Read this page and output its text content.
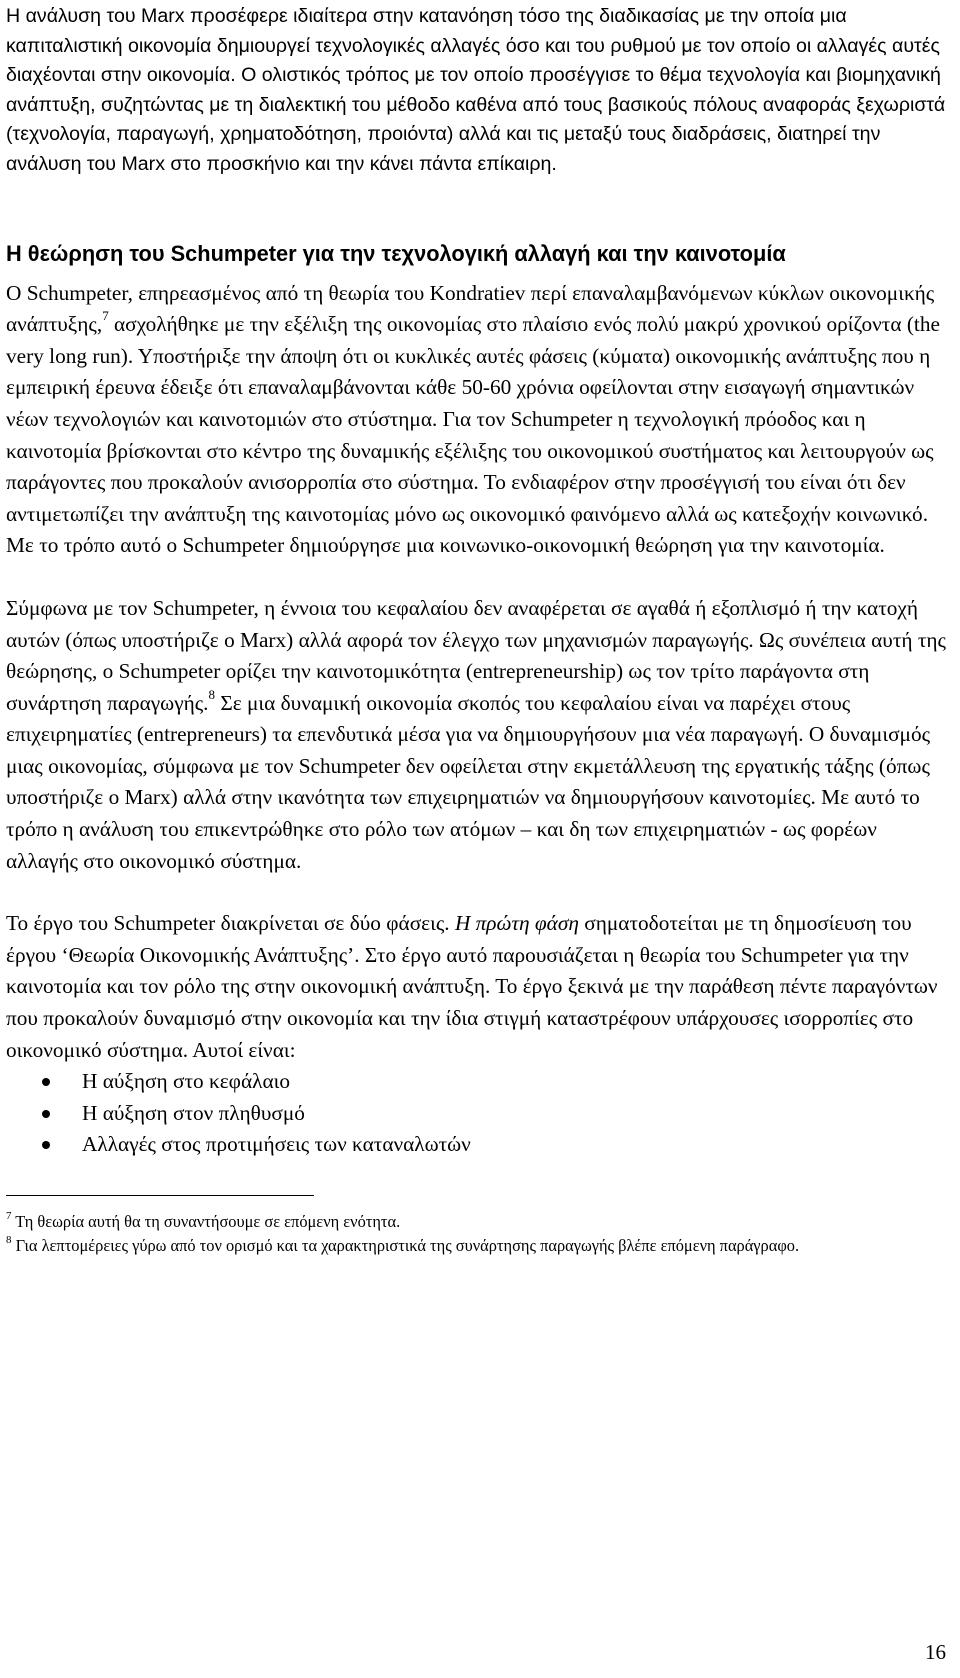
Η ανάλυση του Marx προσέφερε ιδιαίτερα στην κατανόηση τόσο της διαδικασίας με την οποία μια καπιταλιστική οικονομία δημιουργεί τεχνολογικές αλλαγές όσο και του ρυθμού με τον οποίο οι αλλαγές αυτές διαχέονται στην οικονομία. Ο ολιστικός τρόπος με τον οποίο προσέγγισε το θέμα τεχνολογία και βιομηχανική ανάπτυξη, συζητώντας με τη διαλεκτική του μέθοδο καθένα από τους βασικούς πόλους αναφοράς ξεχωριστά (τεχνολογία, παραγωγή, χρηματοδότηση, προιόντα) αλλά και τις μεταξύ τους διαδράσεις, διατηρεί την ανάλυση του Marx στο προσκήνιο και την κάνει πάντα επίκαιρη.

Η θεώρηση του Schumpeter για την τεχνολογική αλλαγή και την καινοτομία

Ο Schumpeter, επηρεασμένος από τη θεωρία του Kondratiev περί επαναλαμβανόμενων κύκλων οικονομικής ανάπτυξης,$^7$ ασχολήθηκε με την εξέλιξη της οικονομίας στο πλαίσιο ενός πολύ μακρύ χρονικού ορίζοντα (the very long run). Υποστήριξε την άποψη ότι οι κυκλικές αυτές φάσεις (κύματα) οικονομικής ανάπτυξης που η εμπειρική έρευνα έδειξε ότι επαναλαμβάνονται κάθε 50-60 χρόνια οφείλονται στην εισαγωγή σημαντικών νέων τεχνολογιών και καινοτομιών στο στύστημα. Για τον Schumpeter η τεχνολογική πρόοδος και η καινοτομία βρίσκονται στο κέντρο της δυναμικής εξέλιξης του οικονομικού συστήματος και λειτουργούν ως παράγοντες που προκαλούν ανισορροπία στο σύστημα. Το ενδιαφέρον στην προσέγγισή του είναι ότι δεν αντιμετωπίζει την ανάπτυξη της καινοτομίας μόνο ως οικονομικό φαινόμενο αλλά ως κατεξοχήν κοινωνικό. Με το τρόπο αυτό ο Schumpeter δημιούργησε μια κοινωνικο-οικονομική θεώρηση για την καινοτομία.

Σύμφωνα με τον Schumpeter, η έννοια του κεφαλαίου δεν αναφέρεται σε αγαθά ή εξοπλισμό ή την κατοχή αυτών (όπως υποστήριζε ο Marx) αλλά αφορά τον έλεγχο των μηχανισμών παραγωγής. Ως συνέπεια αυτή της θεώρησης, ο Schumpeter ορίζει την καινοτομικότητα (entrepreneurship) ως τον τρίτο παράγοντα στη συνάρτηση παραγωγής.$^8$ Σε μια δυναμική οικονομία σκοπός του κεφαλαίου είναι να παρέχει στους επιχειρηματίες (entrepreneurs) τα επενδυτικά μέσα για να δημιουργήσουν μια νέα παραγωγή. Ο δυναμισμός μιας οικονομίας, σύμφωνα με τον Schumpeter δεν οφείλεται στην εκμετάλλευση της εργατικής τάξης (όπως υποστήριζε ο Marx) αλλά στην ικανότητα των επιχειρηματιών να δημιουργήσουν καινοτομίες. Με αυτό το τρόπο η ανάλυση του επικεντρώθηκε στο ρόλο των ατόμων – και δη των επιχειρηματιών - ως φορέων αλλαγής στο οικονομικό σύστημα.

Το έργο του Schumpeter διακρίνεται σε δύο φάσεις. Η πρώτη φάση σηματοδοτείται με τη δημοσίευση του έργου ‘Θεωρία Οικονομικής Ανάπτυξης’. Στο έργο αυτό παρουσιάζεται η θεωρία του Schumpeter για την καινοτομία και τον ρόλο της στην οικονομική ανάπτυξη. Το έργο ξεκινά με την παράθεση πέντε παραγόντων που προκαλούν δυναμισμό στην οικονομία και την ίδια στιγμή καταστρέφουν υπάρχουσες ισορροπίες στο οικονομικό σύστημα. Αυτοί είναι:

Η αύξηση στο κεφάλαιο
Η αύξηση στον πληθυσμό
Αλλαγές στος προτιμήσεις των καταναλωτών

$^7$ Τη θεωρία αυτή θα τη συναντήσουμε σε επόμενη ενότητα.

$^8$ Για λεπτομέρειες γύρω από τον ορισμό και τα χαρακτηριστικά της συνάρτησης παραγωγής βλέπε επόμενη παράγραφο.

16
